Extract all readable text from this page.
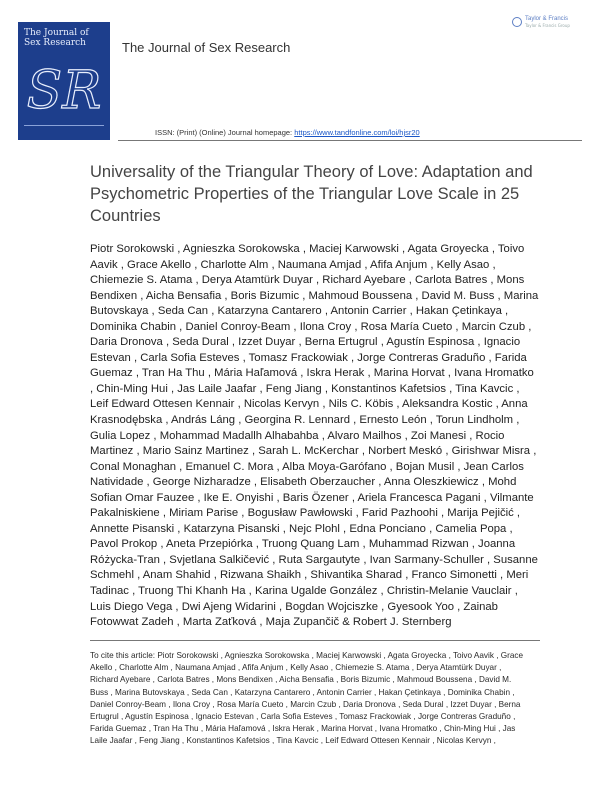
The Journal of
Sex Research
SR
The Journal of Sex Research
Taylor & Francis
Taylor & Francis Group
ISSN: (Print) (Online) Journal homepage: https://www.tandfonline.com/loi/hjsr20
Universality of the Triangular Theory of Love: Adaptation and Psychometric Properties of the Triangular Love Scale in 25 Countries
Piotr Sorokowski , Agnieszka Sorokowska , Maciej Karwowski , Agata Groyecka , Toivo Aavik , Grace Akello , Charlotte Alm , Naumana Amjad , Afifa Anjum , Kelly Asao , Chiemezie S. Atama , Derya Atamtürk Duyar , Richard Ayebare , Carlota Batres , Mons Bendixen , Aicha Bensafia , Boris Bizumic , Mahmoud Boussena , David M. Buss , Marina Butovskaya , Seda Can , Katarzyna Cantarero , Antonin Carrier , Hakan Çetinkaya , Dominika Chabin , Daniel Conroy-Beam , Ilona Croy , Rosa María Cueto , Marcin Czub , Daria Dronova , Seda Dural , Izzet Duyar , Berna Ertugrul , Agustín Espinosa , Ignacio Estevan , Carla Sofia Esteves , Tomasz Frackowiak , Jorge Contreras Graduño , Farida Guemaz , Tran Ha Thu , Mária Haľamová , Iskra Herak , Marina Horvat , Ivana Hromatko , Chin-Ming Hui , Jas Laile Jaafar , Feng Jiang , Konstantinos Kafetsios , Tina Kavcic , Leif Edward Ottesen Kennair , Nicolas Kervyn , Nils C. Köbis , Aleksandra Kostic , Anna Krasnodębska , András Láng , Georgina R. Lennard , Ernesto León , Torun Lindholm , Gulia Lopez , Mohammad Madallh Alhabahba , Alvaro Mailhos , Zoi Manesi , Rocio Martinez , Mario Sainz Martinez , Sarah L. McKerchar , Norbert Meskó , Girishwar Misra , Conal Monaghan , Emanuel C. Mora , Alba Moya-Garófano , Bojan Musil , Jean Carlos Natividade , George Nizharadze , Elisabeth Oberzaucher , Anna Oleszkiewicz , Mohd Sofian Omar Fauzee , Ike E. Onyishi , Baris Özener , Ariela Francesca Pagani , Vilmante Pakalniskiene , Miriam Parise , Bogusław Pawłowski , Farid Pazhoohi , Marija Pejičić , Annette Pisanski , Katarzyna Pisanski , Nejc Plohl , Edna Ponciano , Camelia Popa , Pavol Prokop , Aneta Przepiórka , Truong Quang Lam , Muhammad Rizwan , Joanna Różycka-Tran , Svjetlana Salkičević , Ruta Sargautyte , Ivan Sarmany-Schuller , Susanne Schmehl , Anam Shahid , Rizwana Shaikh , Shivantika Sharad , Franco Simonetti , Meri Tadinac , Truong Thi Khanh Ha , Karina Ugalde González , Christin-Melanie Vauclair , Luis Diego Vega , Dwi Ajeng Widarini , Bogdan Wojciszke , Gyesook Yoo , Zainab Fotowwat Zadeh , Marta Zaťková , Maja Zupančič & Robert J. Sternberg
To cite this article: Piotr Sorokowski , Agnieszka Sorokowska , Maciej Karwowski , Agata Groyecka , Toivo Aavik , Grace Akello , Charlotte Alm , Naumana Amjad , Afifa Anjum , Kelly Asao , Chiemezie S. Atama , Derya Atamtürk Duyar , Richard Ayebare , Carlota Batres , Mons Bendixen , Aicha Bensafia , Boris Bizumic , Mahmoud Boussena , David M. Buss , Marina Butovskaya , Seda Can , Katarzyna Cantarero , Antonin Carrier , Hakan Çetinkaya , Dominika Chabin , Daniel Conroy-Beam , Ilona Croy , Rosa María Cueto , Marcin Czub , Daria Dronova , Seda Dural , Izzet Duyar , Berna Ertugrul , Agustín Espinosa , Ignacio Estevan , Carla Sofia Esteves , Tomasz Frackowiak , Jorge Contreras Graduño , Farida Guemaz , Tran Ha Thu , Mária Haľamová , Iskra Herak , Marina Horvat , Ivana Hromatko , Chin-Ming Hui , Jas Laile Jaafar , Feng Jiang , Konstantinos Kafetsios , Tina Kavcic , Leif Edward Ottesen Kennair , Nicolas Kervyn ,
